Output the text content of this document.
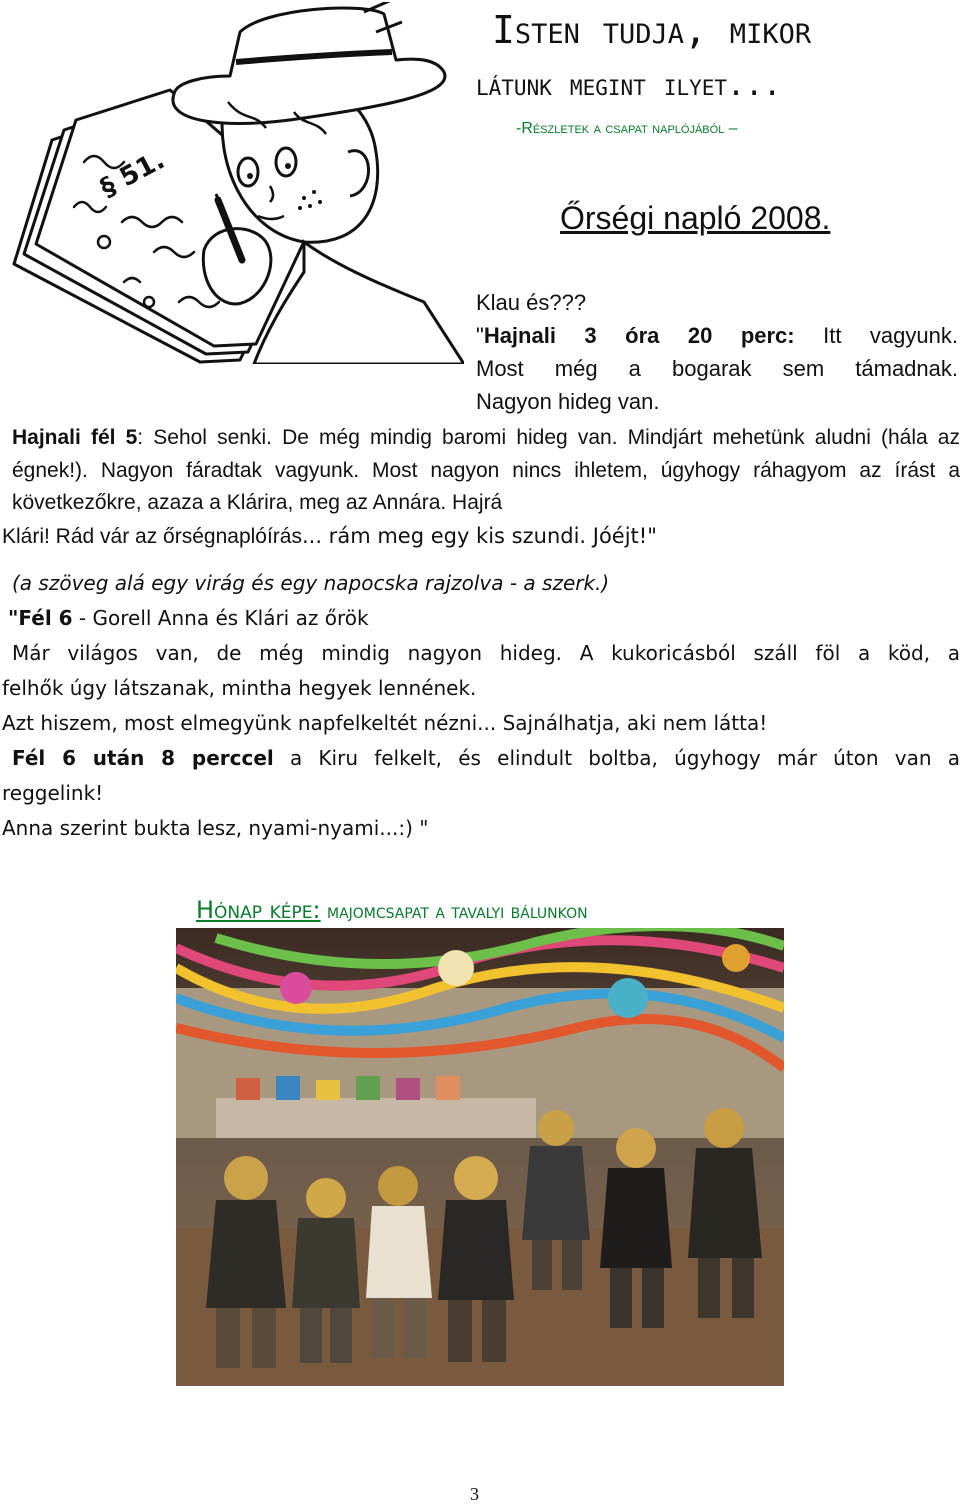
Isten tudja, mikor
látunk megint ilyet...
-Részletek a csapat naplójából –
Őrségi napló 2008.
§ 51.
Klau és???
"Hajnali 3 óra 20 perc: Itt vagyunk.
Most még a bogarak sem támadnak.
Nagyon hideg van.
Hajnali fél 5: Sehol senki. De még mindig baromi hideg van. Mindjárt mehetünk aludni (hála az égnek!). Nagyon fáradtak vagyunk. Most nagyon nincs ihletem, úgyhogy ráhagyom az írást a következőkre, azaza a Klárira, meg az Annára. Hajrá
Klári! Rád vár az őrségnaplóírás... rám meg egy kis szundi. Jóéjt!"
(a szöveg alá egy virág és egy napocska rajzolva - a szerk.)
"Fél 6 - Gorell Anna és Klári az őrök
Már világos van, de még mindig nagyon hideg. A kukoricásból száll föl a köd, a
felhők úgy látszanak, mintha hegyek lennének.
Azt hiszem, most elmegyünk napfelkeltét nézni... Sajnálhatja, aki nem látta!
Fél 6 után 8 perccel a Kiru felkelt, és elindult boltba, úgyhogy már úton van a
reggelink!
Anna szerint bukta lesz, nyami-nyami...:) "
Hónap képe: majomcsapat a tavalyi bálunkon
3
